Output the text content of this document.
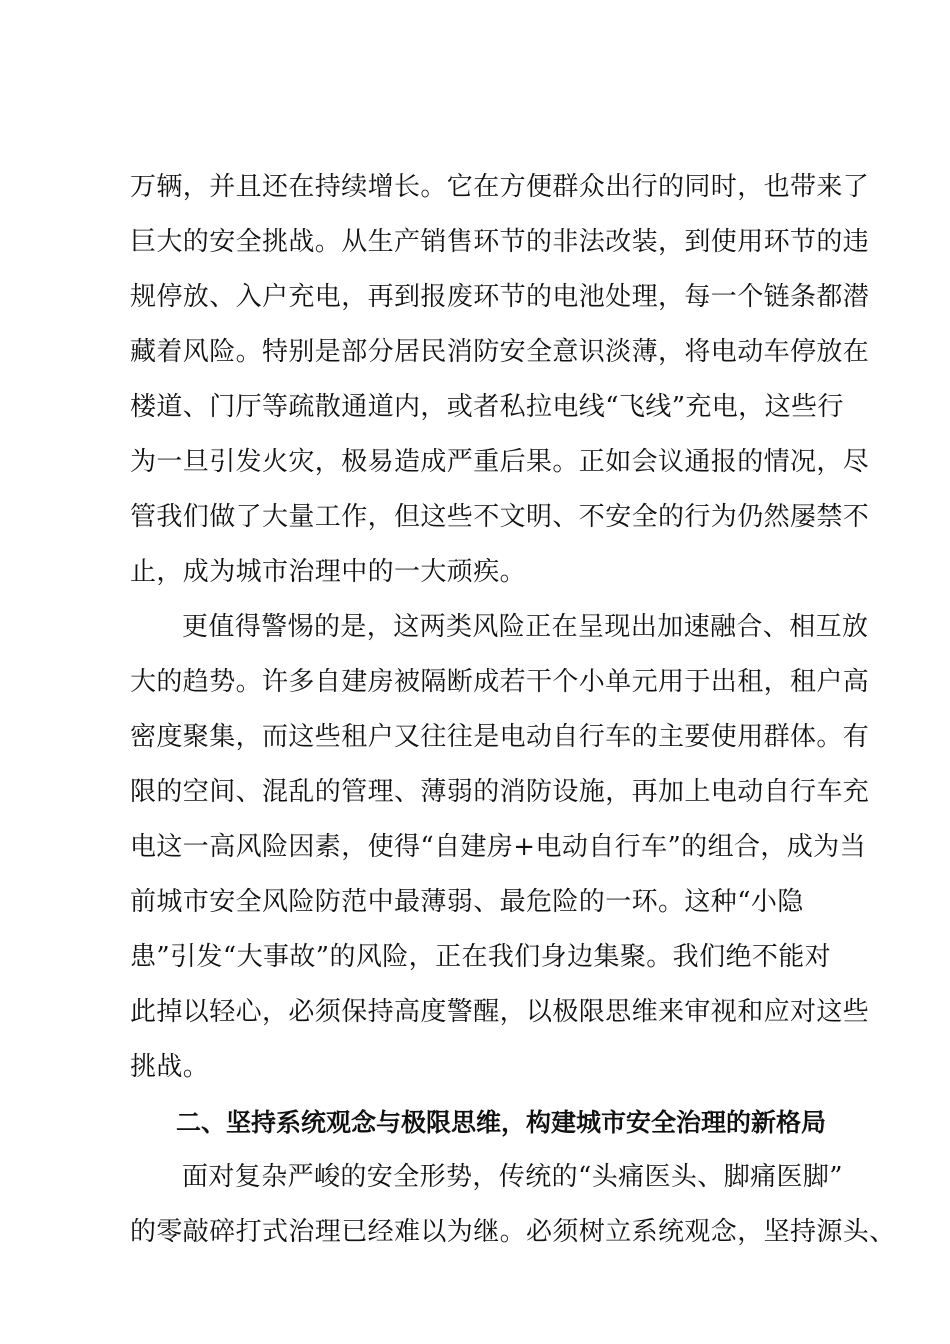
万辆，并且还在持续增长。它在方便群众出行的同时，也带来了
巨大的安全挑战。从生产销售环节的非法改装，到使用环节的违
规停放、入户充电，再到报废环节的电池处理，每一个链条都潜
藏着风险。特别是部分居民消防安全意识淡薄，将电动车停放在
楼道、门厅等疏散通道内，或者私拉电线“飞线”充电，这些行
为一旦引发火灾，极易造成严重后果。正如会议通报的情况，尽
管我们做了大量工作，但这些不文明、不安全的行为仍然屡禁不
止，成为城市治理中的一大顽疾。
更值得警惕的是，这两类风险正在呈现出加速融合、相互放
大的趋势。许多自建房被隔断成若干个小单元用于出租，租户高
密度聚集，而这些租户又往往是电动自行车的主要使用群体。有
限的空间、混乱的管理、薄弱的消防设施，再加上电动自行车充
电这一高风险因素，使得“自建房+电动自行车”的组合，成为当
前城市安全风险防范中最薄弱、最危险的一环。这种“小隐
患”引发“大事故”的风险，正在我们身边集聚。我们绝不能对
此掉以轻心，必须保持高度警醒，以极限思维来审视和应对这些
挑战。
二、坚持系统观念与极限思维，构建城市安全治理的新格局
面对复杂严峻的安全形势，传统的“头痛医头、脚痛医脚”
的零敲碎打式治理已经难以为继。必须树立系统观念，坚持源头、
